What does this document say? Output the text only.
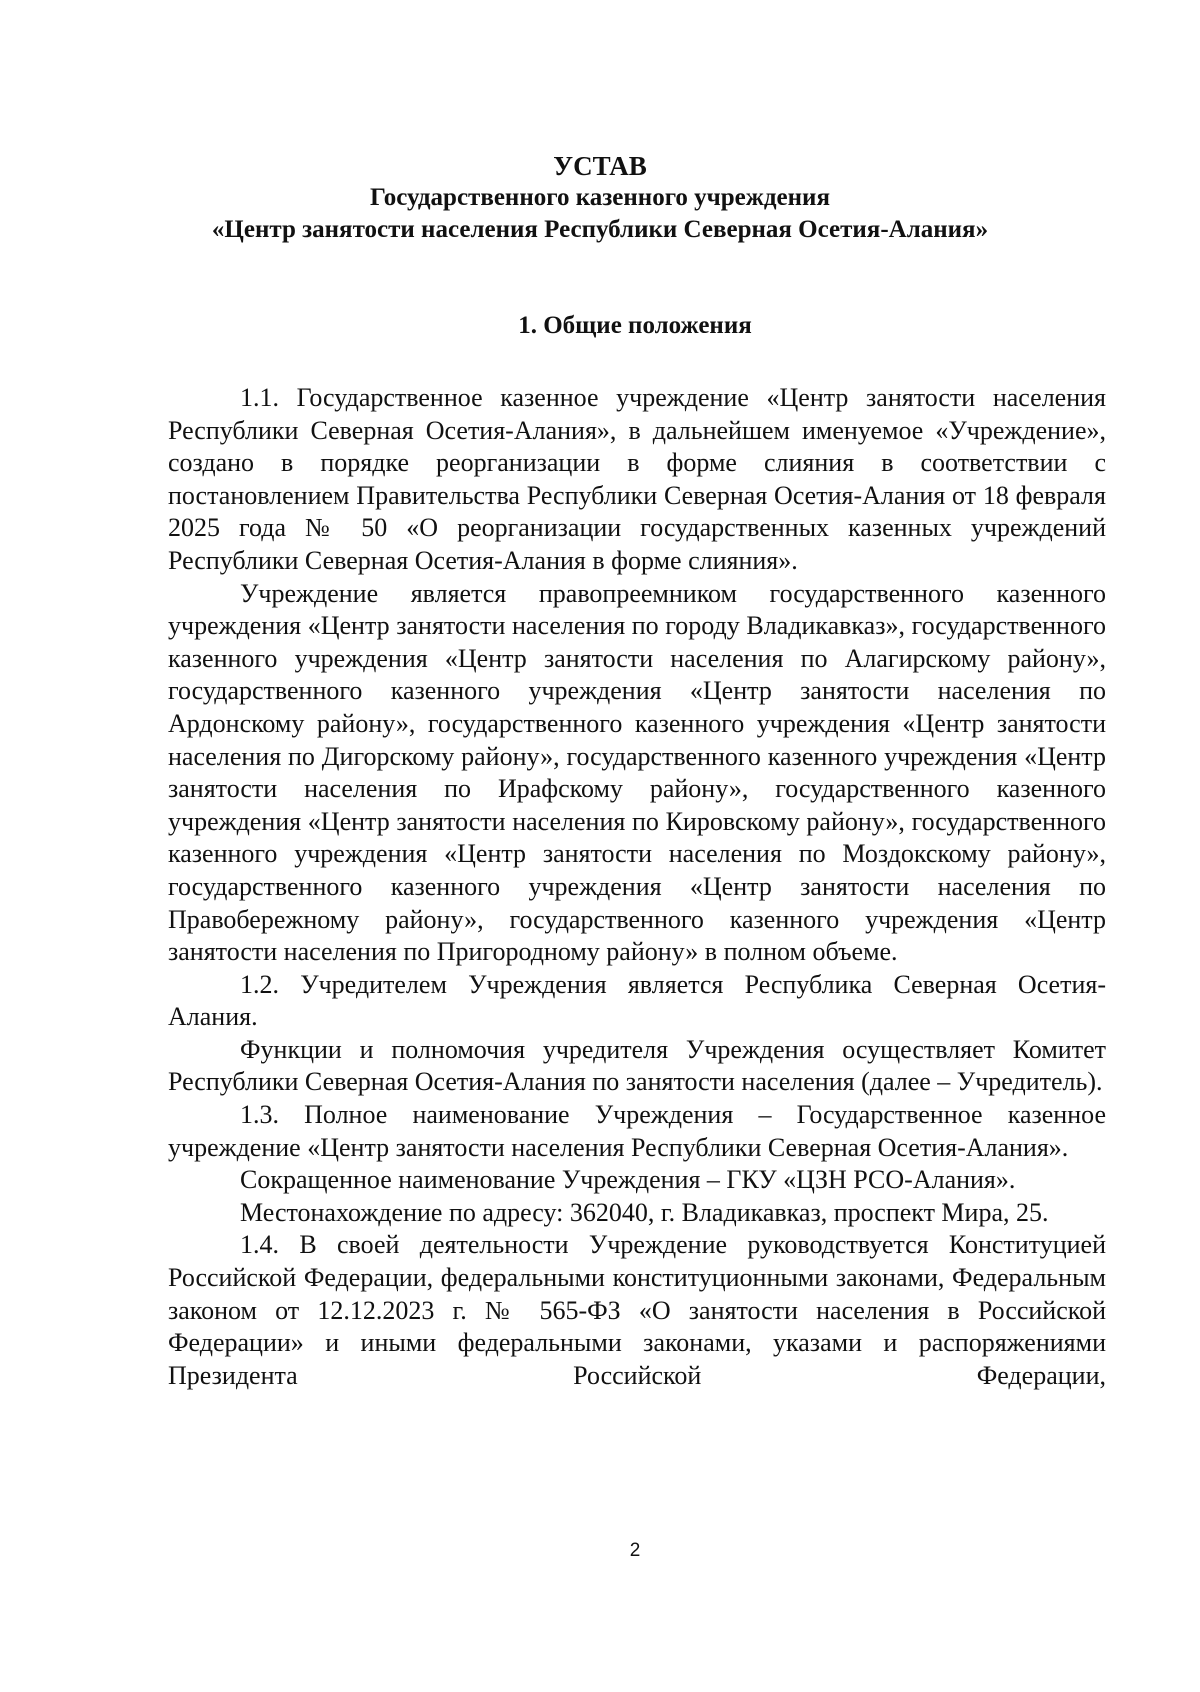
УСТАВ
Государственного казенного учреждения
«Центр занятости населения Республики Северная Осетия-Алания»
1. Общие положения

1.1. Государственное казенное учреждение «Центр занятости населения Республики Северная Осетия-Алания», в дальнейшем именуемое «Учреждение», создано в порядке реорганизации в форме слияния в соответствии с постановлением Правительства Республики Северная Осетия-Алания от 18 февраля 2025 года № 50 «О реорганизации государственных казенных учреждений Республики Северная Осетия-Алания в форме слияния».

Учреждение является правопреемником государственного казенного учреждения «Центр занятости населения по городу Владикавказ», государственного казенного учреждения «Центр занятости населения по Алагирскому району», государственного казенного учреждения «Центр занятости населения по Ардонскому району», государственного казенного учреждения «Центр занятости населения по Дигорскому району», государственного казенного учреждения «Центр занятости населения по Ирафскому району», государственного казенного учреждения «Центр занятости населения по Кировскому району», государственного казенного учреждения «Центр занятости населения по Моздокскому району», государственного казенного учреждения «Центр занятости населения по Правобережному району», государственного казенного учреждения «Центр занятости населения по Пригородному району» в полном объеме.

1.2. Учредителем Учреждения является Республика Северная Осетия-Алания.

Функции и полномочия учредителя Учреждения осуществляет Комитет Республики Северная Осетия-Алания по занятости населения (далее – Учредитель).

1.3. Полное наименование Учреждения – Государственное казенное учреждение «Центр занятости населения Республики Северная Осетия-Алания».

Сокращенное наименование Учреждения – ГКУ «ЦЗН РСО-Алания».

Местонахождение по адресу: 362040, г. Владикавказ, проспект Мира, 25.

1.4. В своей деятельности Учреждение руководствуется Конституцией Российской Федерации, федеральными конституционными законами, Федеральным законом от 12.12.2023 г. № 565-ФЗ «О занятости населения в Российской Федерации» и иными федеральными законами, указами и распоряжениями Президента Российской Федерации,

2
